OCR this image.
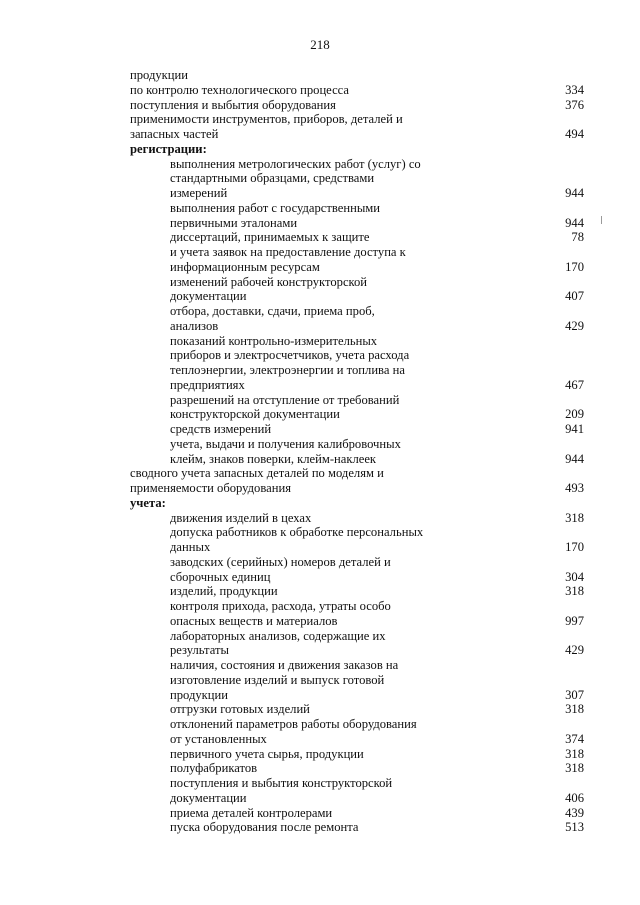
218
продукции
по контролю технологического процесса	334
поступления и выбытия оборудования	376
применимости инструментов, приборов, деталей и
запасных частей	494
регистрации:
выполнения метрологических работ (услуг) со
стандартными образцами, средствами
измерений	944
выполнения работ с государственными
первичными эталонами	944
диссертаций, принимаемых к защите	78
и учета заявок на предоставление доступа к
информационным ресурсам	170
изменений рабочей конструкторской
документации	407
отбора, доставки, сдачи, приема проб,
анализов	429
показаний контрольно-измерительных
приборов и электросчетчиков, учета расхода
теплоэнергии, электроэнергии и топлива на
предприятиях	467
разрешений на отступление от требований
конструкторской документации	209
средств измерений	941
учета, выдачи и получения калибровочных
клейм, знаков поверки, клейм-наклеек	944
сводного учета запасных деталей по моделям и
применяемости оборудования	493
учета:
движения изделий в цехах	318
допуска работников к обработке персональных
данных	170
заводских (серийных) номеров деталей и
сборочных единиц	304
изделий, продукции	318
контроля прихода, расхода, утраты особо
опасных веществ и материалов	997
лабораторных анализов, содержащие их
результаты	429
наличия, состояния и движения заказов на
изготовление изделий и выпуск готовой
продукции	307
отгрузки готовых изделий	318
отклонений параметров работы оборудования
от установленных	374
первичного учета сырья, продукции	318
полуфабрикатов	318
поступления и выбытия конструкторской
документации	406
приема деталей контролерами	439
пуска оборудования после ремонта	513
